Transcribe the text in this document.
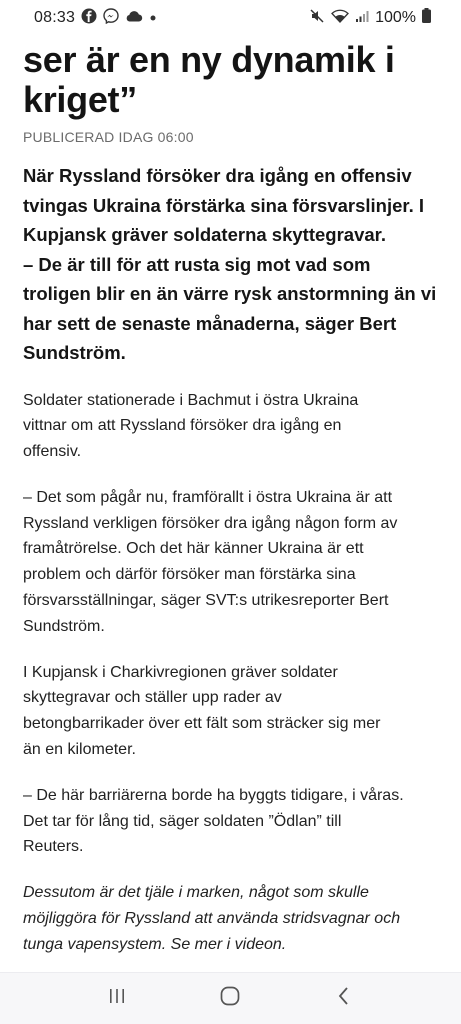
08:33	100%
ser är en ny dynamik i
kriget”
PUBLICERAD IDAG 06:00
När Ryssland försöker dra igång en offensiv
tvingas Ukraina förstärka sina försvarslinjer. I
Kupjansk gräver soldaterna skyttegravar.
– De är till för att rusta sig mot vad som
troligen blir en än värre rysk anstormning än vi
har sett de senaste månaderna, säger Bert
Sundström.

Soldater stationerade i Bachmut i östra Ukraina
vittnar om att Ryssland försöker dra igång en
offensiv.

– Det som pågår nu, framförallt i östra Ukraina är att
Ryssland verkligen försöker dra igång någon form av
framåtrörelse. Och det här känner Ukraina är ett
problem och därför försöker man förstärka sina
försvarsställningar, säger SVT:s utrikesreporter Bert
Sundström.

I Kupjansk i Charkivregionen gräver soldater
skyttegravar och ställer upp rader av
betongbarrikader över ett fält som sträcker sig mer
än en kilometer.

– De här barriärerna borde ha byggts tidigare, i våras.
Det tar för lång tid, säger soldaten ”Ödlan” till
Reuters.

Dessutom är det tjäle i marken, något som skulle
möjliggöra för Ryssland att använda stridsvagnar och
tunga vapensystem. Se mer i videon.
